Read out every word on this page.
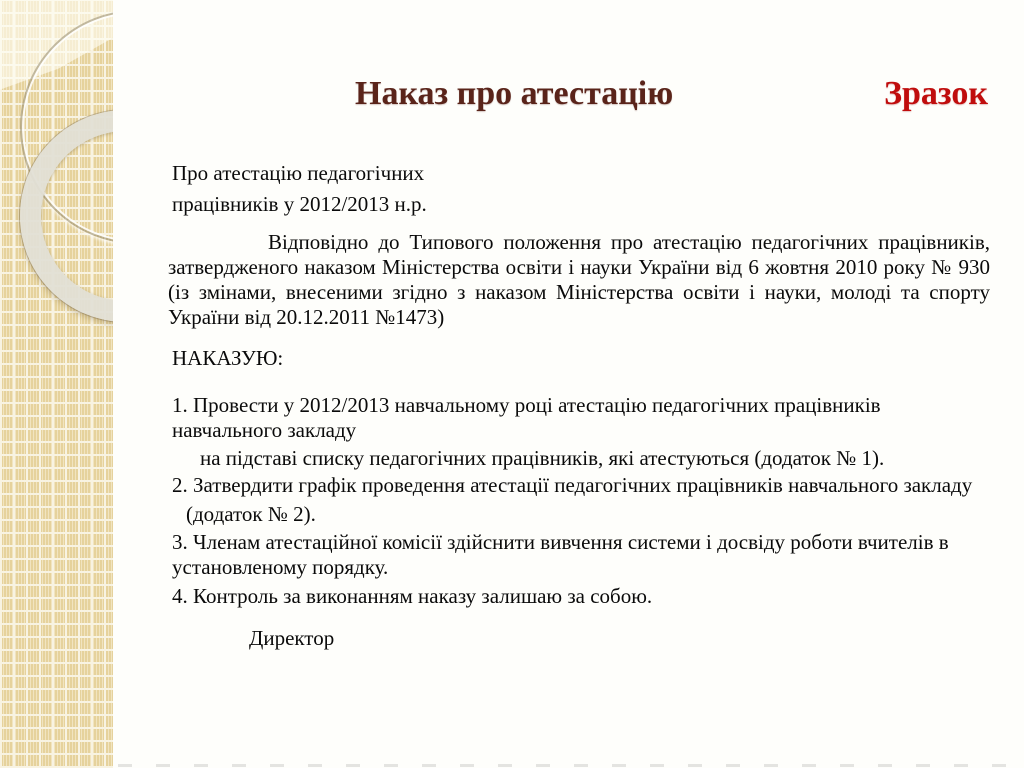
Наказ про атестацію	Зразок
Про атестацію педагогічних
працівників у 2012/2013 н.р.
Відповідно до Типового положення про атестацію педагогічних працівників,
затвердженого наказом Міністерства освіти і науки України від 6 жовтня 2010 року № 930
(із змінами, внесеними згідно з наказом Міністерства освіти і науки, молоді та спорту
України від 20.12.2011 №1473)
НАКАЗУЮ:
1. Провести у 2012/2013 навчальному році атестацію педагогічних працівників навчального закладу
на підставі списку педагогічних працівників, які атестуються (додаток № 1).
2. Затвердити графік проведення атестації педагогічних працівників навчального закладу
(додаток № 2).
3. Членам атестаційної комісії здійснити вивчення системи і досвіду роботи вчителів в установленому порядку.
4. Контроль за виконанням наказу залишаю за собою.
Директор
